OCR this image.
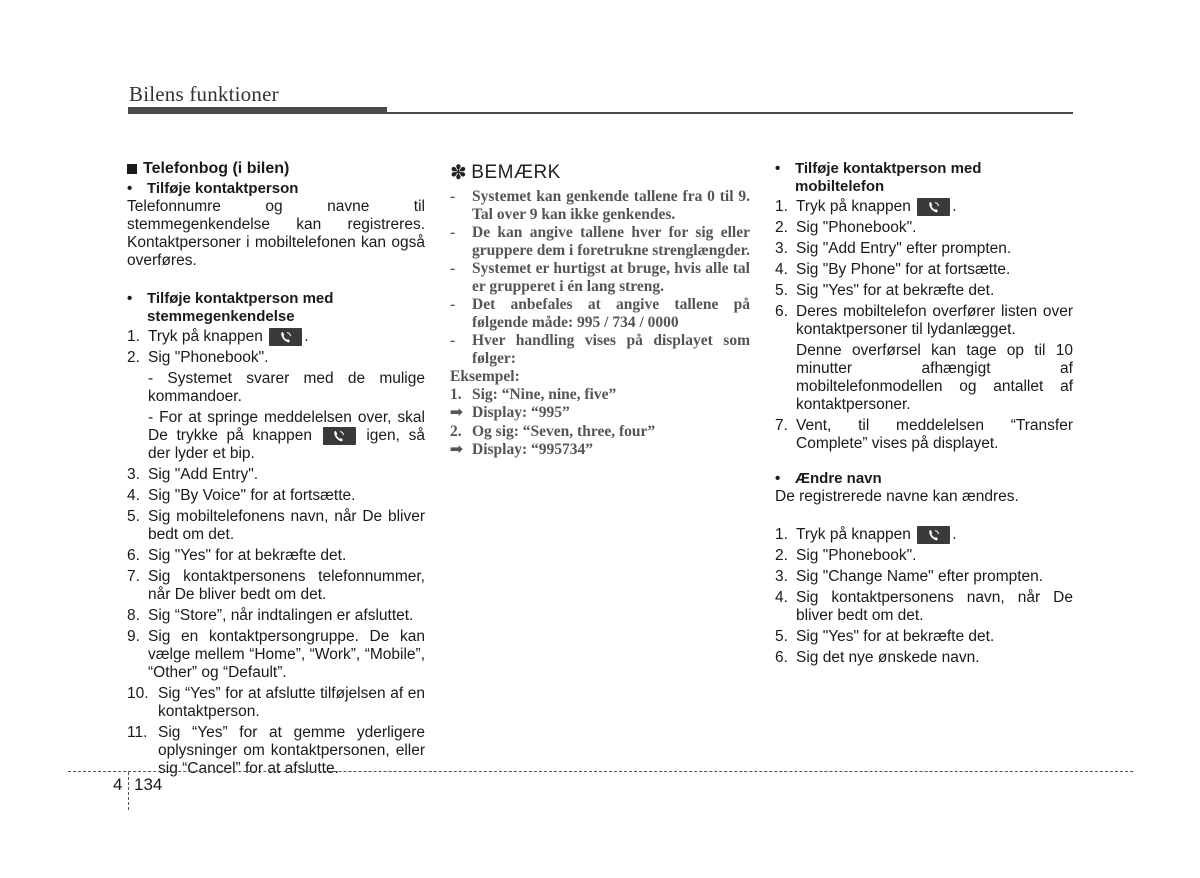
Bilens funktioner
Telefonbog (i bilen)
• Tilføje kontaktperson
Telefonnumre og navne til stemmegenkendelse kan registreres. Kontaktpersoner i mobiltelefonen kan også overføres.
• Tilføje kontaktperson med stemmegenkendelse
1. Tryk på knappen
.
2. Sig "Phonebook".
- Systemet svarer med de mulige kommandoer.
- For at springe meddelelsen over, skal De trykke på knappen
igen, så der lyder et bip.
3. Sig "Add Entry".
4. Sig "By Voice" for at fortsætte.
5. Sig mobiltelefonens navn, når De bliver bedt om det.
6. Sig "Yes" for at bekræfte det.
7. Sig kontaktpersonens telefonnummer, når De bliver bedt om det.
8. Sig “Store”, når indtalingen er afsluttet.
9. Sig en kontaktpersongruppe. De kan vælge mellem “Home”, “Work”, “Mobile”, “Other” og “Default”.
10. Sig “Yes” for at afslutte tilføjelsen af en kontaktperson.
11. Sig “Yes” for at gemme yderligere oplysninger om kontaktpersonen, eller sig “Cancel” for at afslutte.
✽ BEMÆRK
-	Systemet kan genkende tallene fra 0 til 9. Tal over 9 kan ikke genkendes.
-	De kan angive tallene hver for sig eller gruppere dem i foretrukne strenglængder.
-	Systemet er hurtigst at bruge, hvis alle tal er grupperet i én lang streng.
-	Det anbefales at angive tallene på følgende måde: 995 / 734 / 0000
-	Hver handling vises på displayet som følger:
Eksempel:
1. Sig: “Nine, nine, five”
➟ Display: “995”
2. Og sig: “Seven, three, four”
➟ Display: “995734”
• Tilføje kontaktperson med mobiltelefon
1. Tryk på knappen
.
2. Sig "Phonebook".
3. Sig "Add Entry" efter prompten.
4. Sig "By Phone" for at fortsætte.
5. Sig "Yes" for at bekræfte det.
6. Deres mobiltelefon overfører listen over kontaktpersoner til lydanlægget.
Denne overførsel kan tage op til 10 minutter afhængigt af mobiltelefonmodellen og antallet af kontaktpersoner.
7. Vent, til meddelelsen “Transfer Complete” vises på displayet.
• Ændre navn
De registrerede navne kan ændres.
1. Tryk på knappen
.
2. Sig "Phonebook".
3. Sig "Change Name" efter prompten.
4. Sig kontaktpersonens navn, når De bliver bedt om det.
5. Sig "Yes" for at bekræfte det.
6. Sig det nye ønskede navn.
4 134
